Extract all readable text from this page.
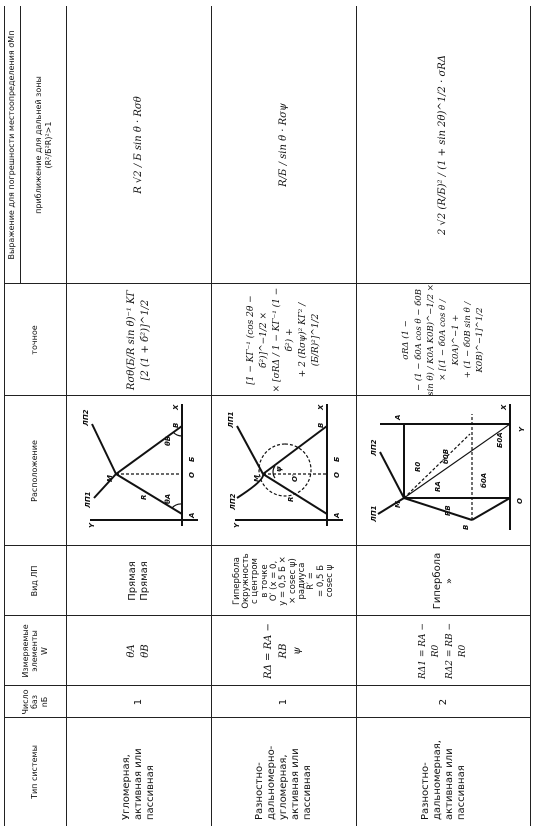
Тип системы
Число баз
nБ
Измеряемые элементы
W
Вид ЛП
Расположение
Выражение для погрешности местоопределения σMп
точное
приближение для дальней зоны
(R²/Б²R)²>1
Угломерная, активная или пассивная
1
θA
θB
Прямая
Прямая
ЛП2
ЛП1
Y
M
A
B
X
O
θA
θB
Б
R
Rσθ(Б/R sin θ)⁻¹ KГ [2 (1 + б²)]^1/2
R √2 / Б sin θ · Rσθ
Разностно-дальномерно-угломерная, активная или пассивная
1
RΔ = RA − RB
ψ
Гипербола
Окружность
с центром
в точке
O′ (x = 0,
y = 0,5 Б ×
× cosec ψ)
радиуса
R′ =
= 0,5 Б
cosec ψ
ЛП1
ЛП2
Y
M
ψ
O′
A
B
X
O
Б
R
[1 − KГ⁻¹ (cos 2θ − б²)]^−1/2 ×
× [σRΔ / 1 − KГ⁻¹ (1 − б²) +
+ 2 (Rσψ)² KГ² / (Б/R)²]^1/2
R/Б / sin θ · Rσψ
Разностно-дальномерная, активная или пассивная
2
RΔ1 = RA − R0
RΔ2 = RB − R0
Гипербола
»
ЛП1
ЛП2
M
R0
RA
RB
A
B
X
O
Y
б0A
б0B
Б0A
σRΔ (1 −
− (1 − б0A cos θ − б0B sin θ) / K0A K0B)^−1/2 ×
× [(1 − б0A cos θ / K0A)^−1 +
+ (1 − б0B sin θ / K0B)^−1]^1/2
2 √2 (R/Б)² / (1 + sin 2θ)^1/2 · σRΔ
